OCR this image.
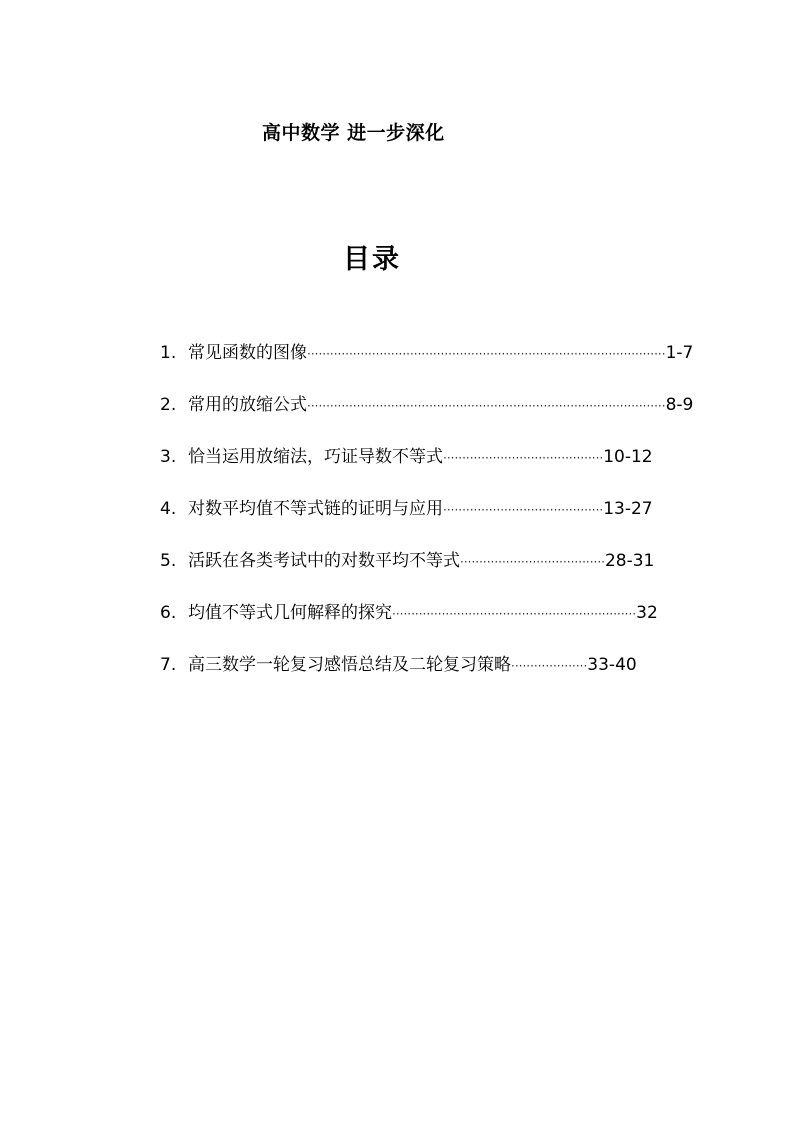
高中数学 进一步深化
目录
1. 常见函数的图像······························································································1-7
2. 常用的放缩公式······························································································8-9
3. 恰当运用放缩法，巧证导数不等式··········································10-12
4. 对数平均值不等式链的证明与应用··········································13-27
5. 活跃在各类考试中的对数平均不等式······································28-31
6. 均值不等式几何解释的探究································································32
7. 高三数学一轮复习感悟总结及二轮复习策略····················33-40
